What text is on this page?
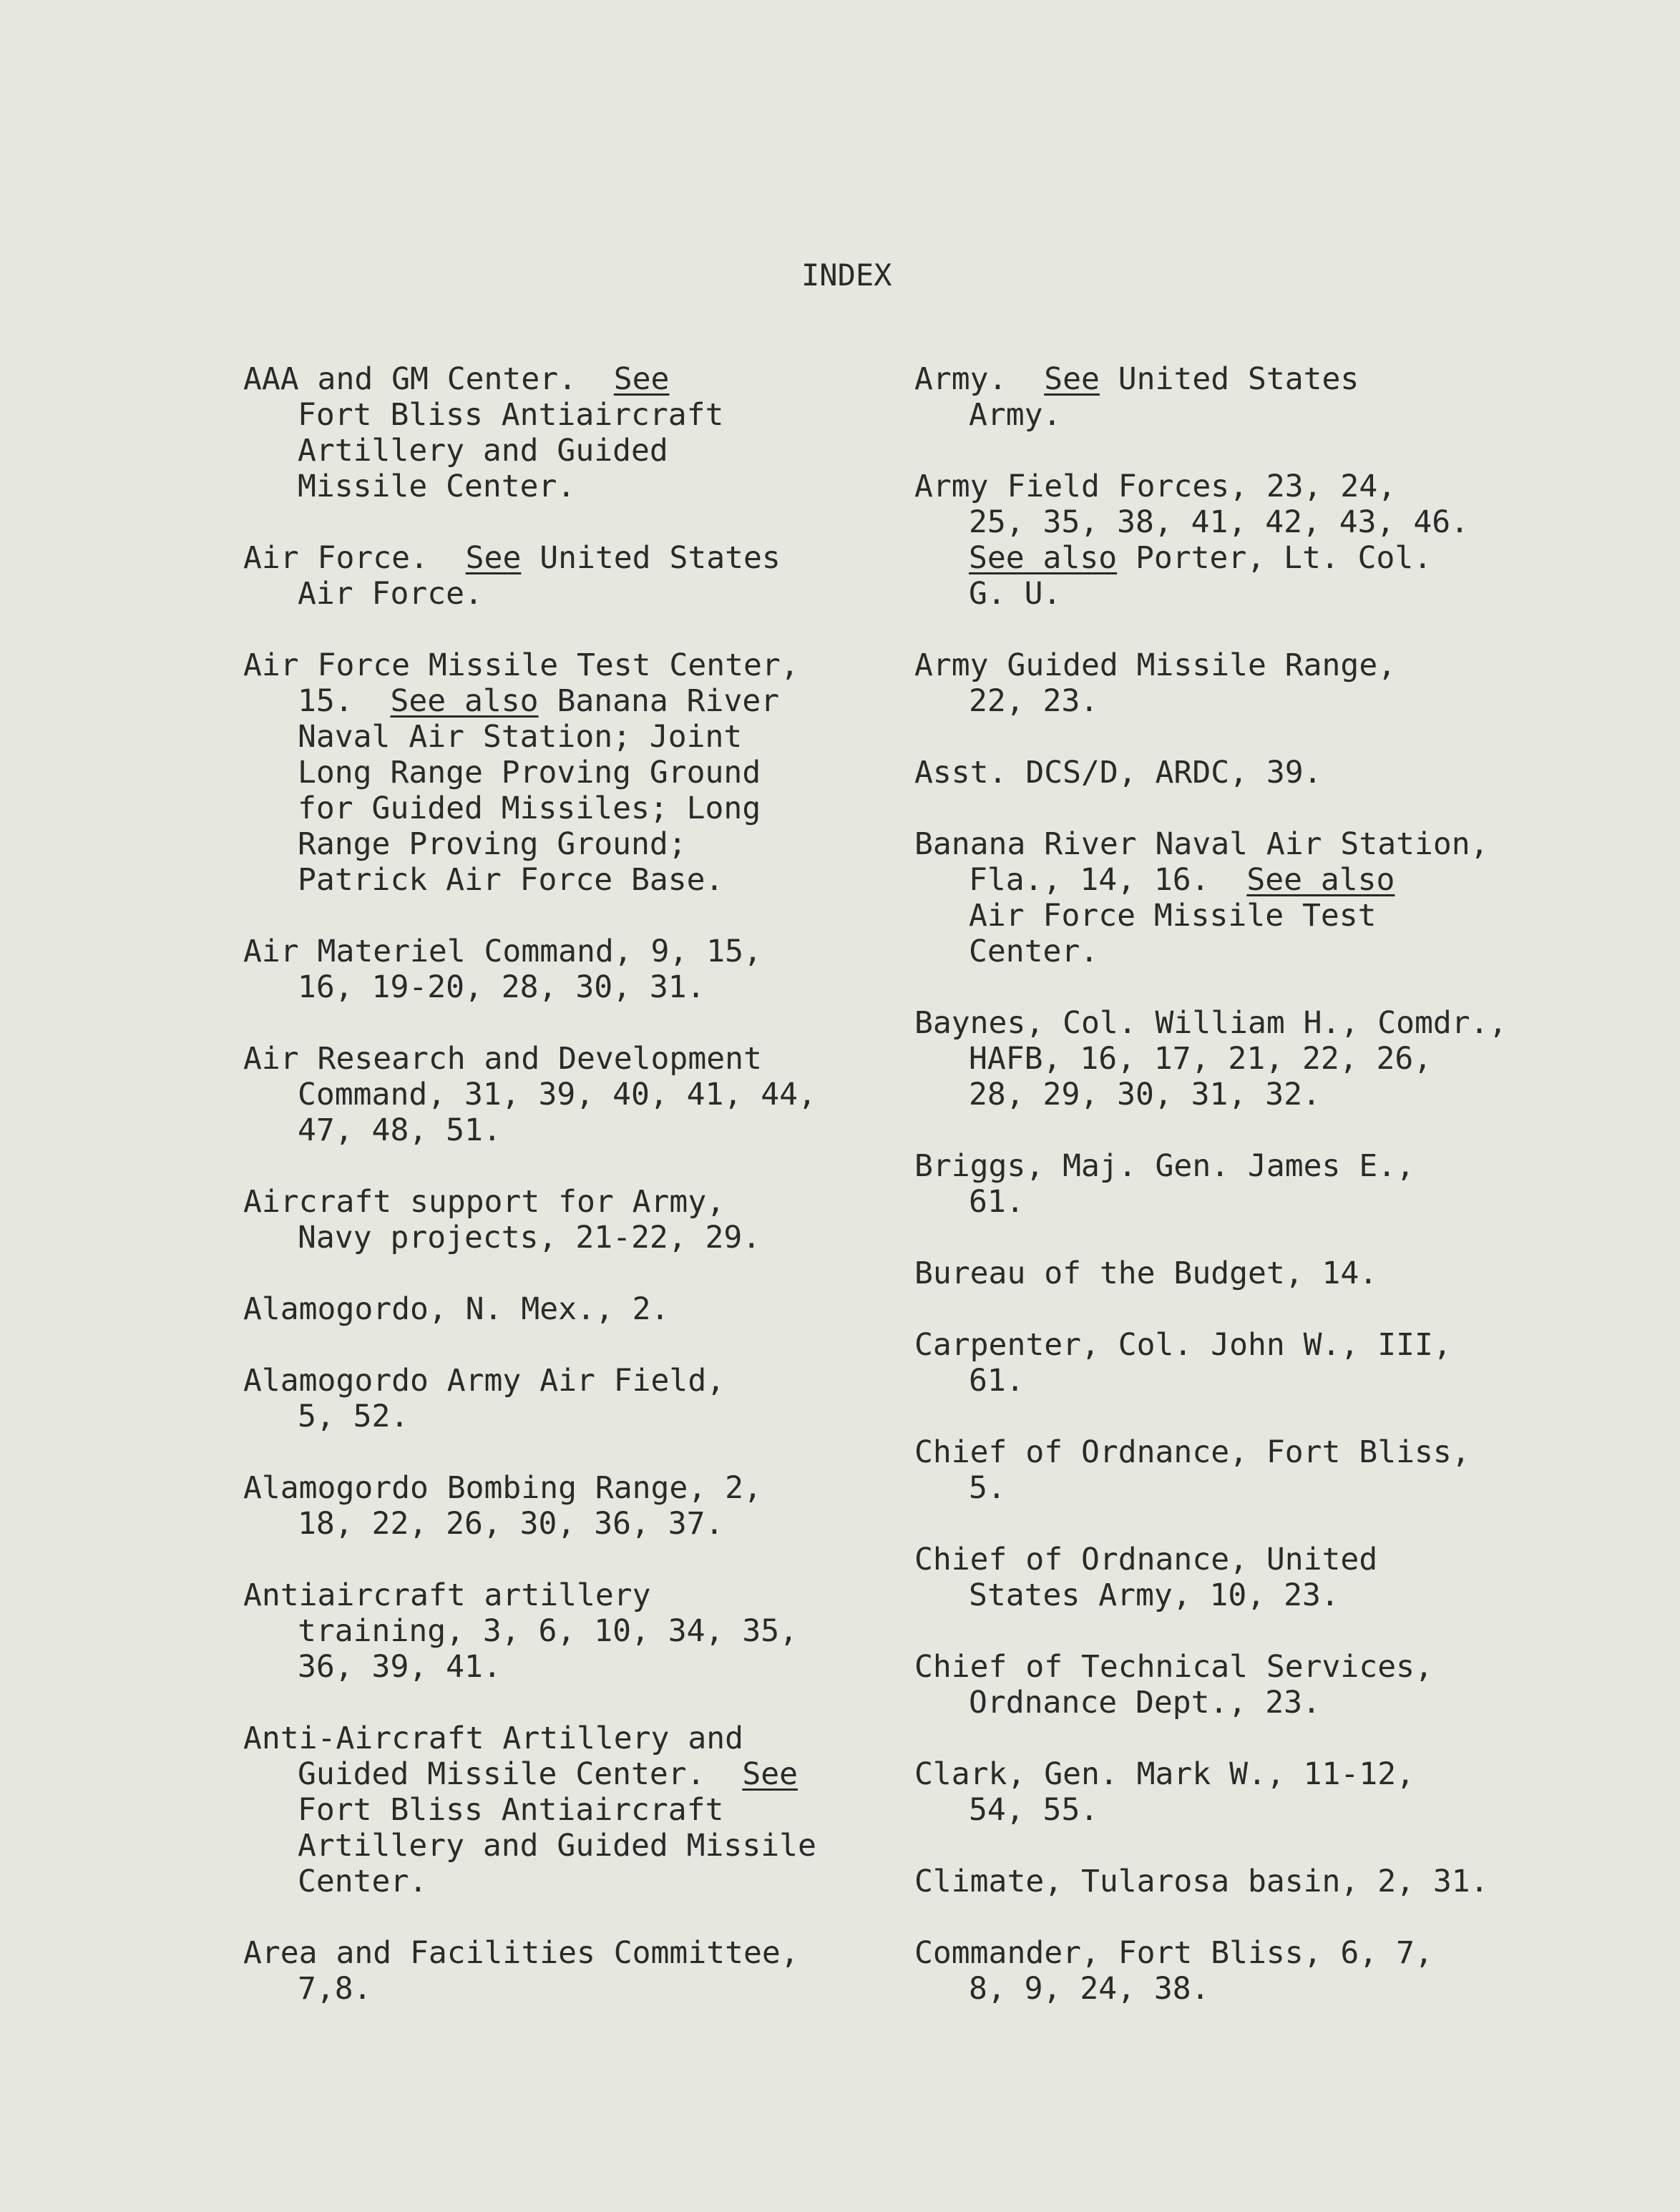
INDEX
AAA and GM Center.  See
Fort Bliss Antiaircraft
Artillery and Guided
Missile Center.
Air Force.  See United States
Air Force.
Air Force Missile Test Center,
15.  See also Banana River
Naval Air Station; Joint
Long Range Proving Ground
for Guided Missiles; Long
Range Proving Ground;
Patrick Air Force Base.
Air Materiel Command, 9, 15,
16, 19-20, 28, 30, 31.
Air Research and Development
Command, 31, 39, 40, 41, 44,
47, 48, 51.
Aircraft support for Army,
Navy projects, 21-22, 29.
Alamogordo, N. Mex., 2.
Alamogordo Army Air Field,
5, 52.
Alamogordo Bombing Range, 2,
18, 22, 26, 30, 36, 37.
Antiaircraft artillery
training, 3, 6, 10, 34, 35,
36, 39, 41.
Anti-Aircraft Artillery and
Guided Missile Center.  See
Fort Bliss Antiaircraft
Artillery and Guided Missile
Center.
Area and Facilities Committee,
7,8.
Army.  See United States
Army.
Army Field Forces, 23, 24,
25, 35, 38, 41, 42, 43, 46.
See also Porter, Lt. Col.
G. U.
Army Guided Missile Range,
22, 23.
Asst. DCS/D, ARDC, 39.
Banana River Naval Air Station,
Fla., 14, 16.  See also
Air Force Missile Test
Center.
Baynes, Col. William H., Comdr.,
HAFB, 16, 17, 21, 22, 26,
28, 29, 30, 31, 32.
Briggs, Maj. Gen. James E.,
61.
Bureau of the Budget, 14.
Carpenter, Col. John W., III,
61.
Chief of Ordnance, Fort Bliss,
5.
Chief of Ordnance, United
States Army, 10, 23.
Chief of Technical Services,
Ordnance Dept., 23.
Clark, Gen. Mark W., 11-12,
54, 55.
Climate, Tularosa basin, 2, 31.
Commander, Fort Bliss, 6, 7,
8, 9, 24, 38.
